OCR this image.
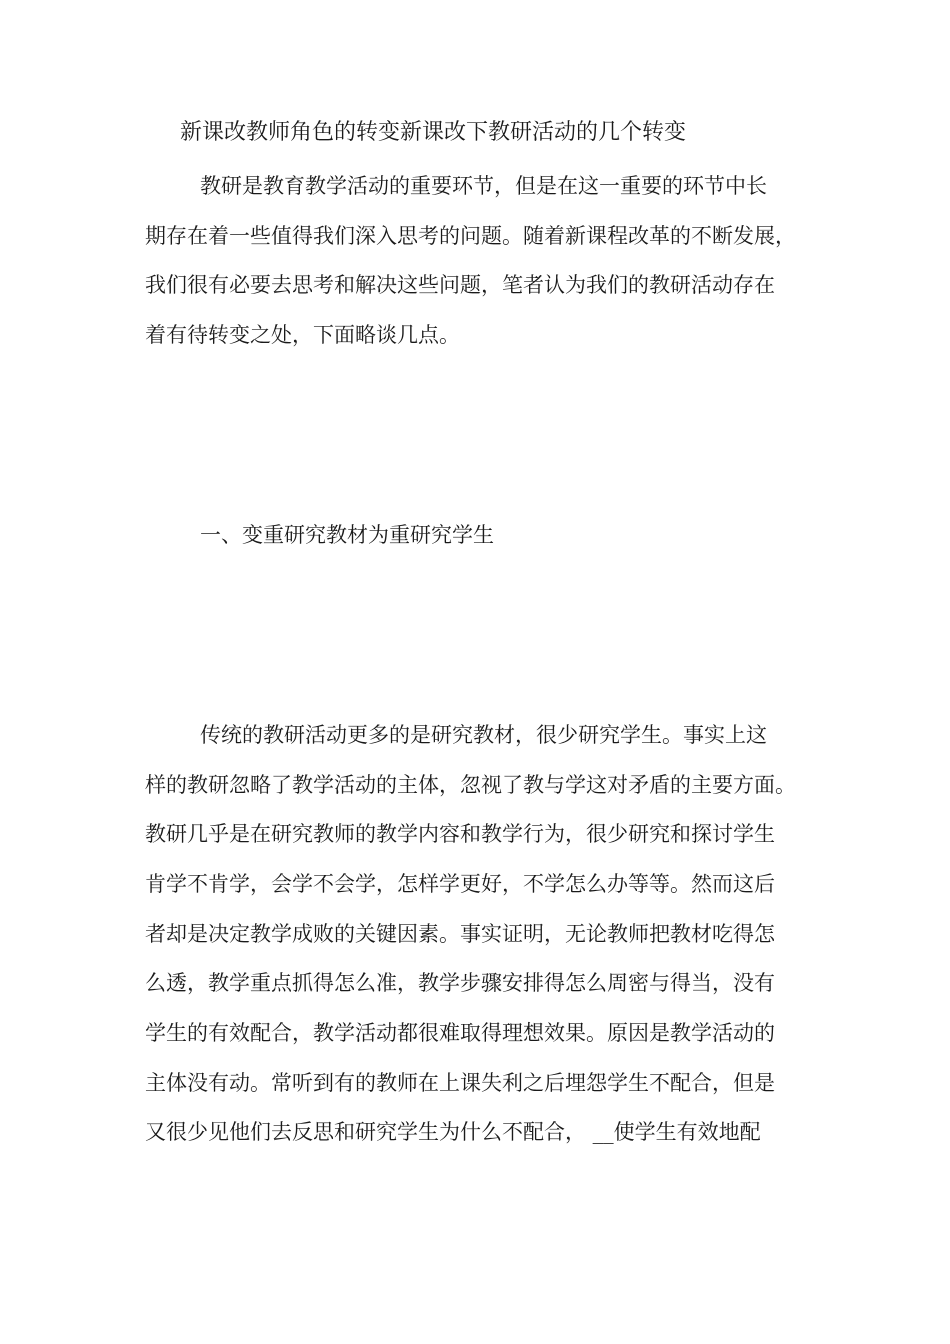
新课改教师角色的转变新课改下教研活动的几个转变
教研是教育教学活动的重要环节，但是在这一重要的环节中长
期存在着一些值得我们深入思考的问题。随着新课程改革的不断发展，
我们很有必要去思考和解决这些问题，笔者认为我们的教研活动存在
着有待转变之处，下面略谈几点。
一、变重研究教材为重研究学生
传统的教研活动更多的是研究教材，很少研究学生。事实上这
样的教研忽略了教学活动的主体，忽视了教与学这对矛盾的主要方面。
教研几乎是在研究教师的教学内容和教学行为，很少研究和探讨学生
肯学不肯学，会学不会学，怎样学更好，不学怎么办等等。然而这后
者却是决定教学成败的关键因素。事实证明，无论教师把教材吃得怎
么透，教学重点抓得怎么准，教学步骤安排得怎么周密与得当，没有
学生的有效配合，教学活动都很难取得理想效果。原因是教学活动的
主体没有动。常听到有的教师在上课失利之后埋怨学生不配合，但是
又很少见他们去反思和研究学生为什么不配合， __使学生有效地配
